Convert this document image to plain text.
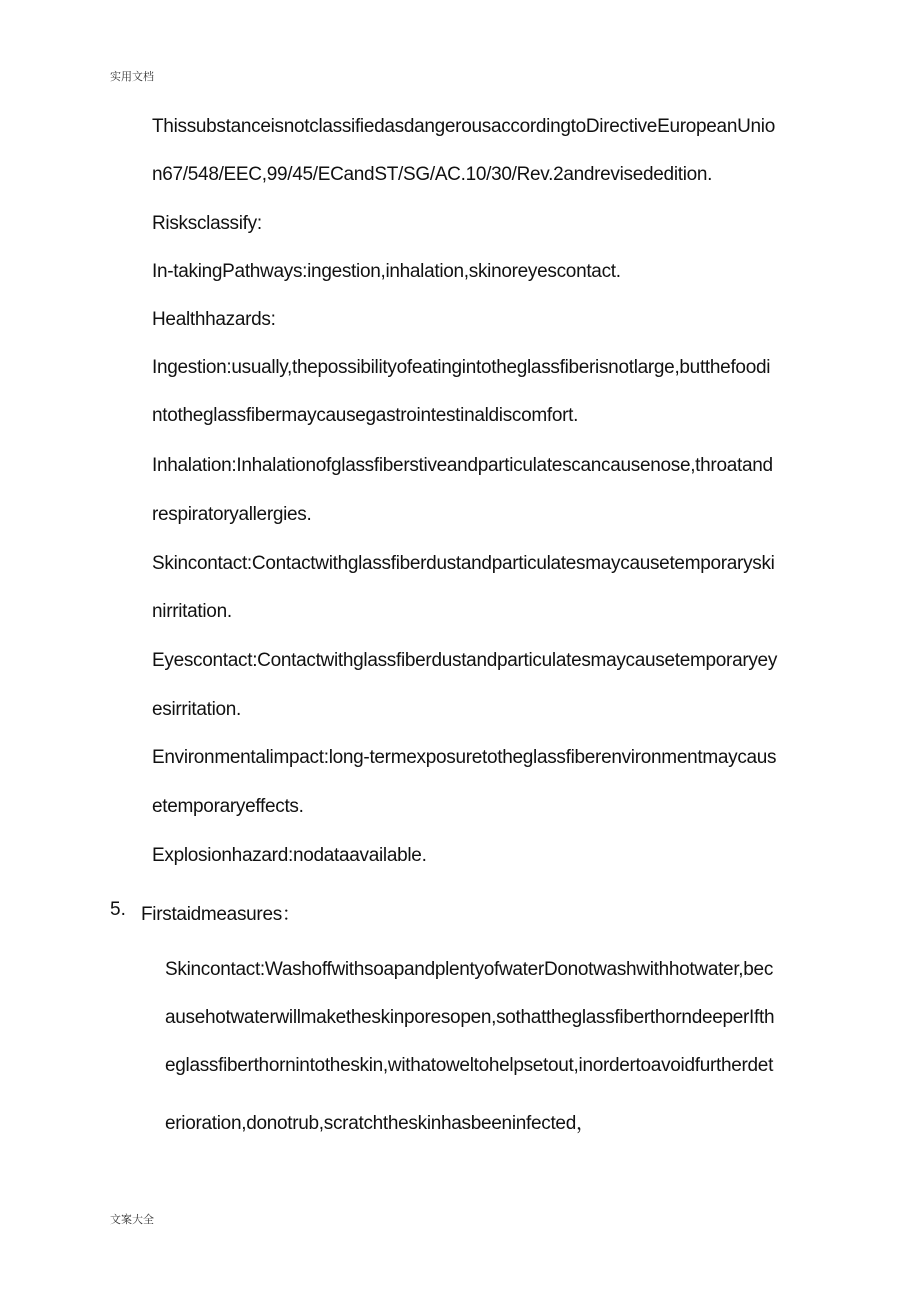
实用文档
ThissubstanceisnotclassifiedasdangerousaccordingtoDirectiveEuropeanUnio
n67/548/EEC,99/45/ECandST/SG/AC.10/30/Rev.2andrevisededition.
Risksclassify:
In-takingPathways:ingestion,inhalation,skinoreyescontact.
Healthhazards:
Ingestion:usually,thepossibilityofeatingintotheglassfiberisnotlarge,butthefoodi
ntotheglassfibermaycausegastrointestinaldiscomfort.
Inhalation:Inhalationofglassfiberstiveandparticulatescancausenose,throatand
respiratoryallergies.
Skincontact:Contactwithglassfiberdustandparticulatesmaycausetemporaryski
nirritation.
Eyescontact:Contactwithglassfiberdustandparticulatesmaycausetemporaryey
esirritation.
Environmentalimpact:long-termexposuretotheglassfiberenvironmentmaycaus
etemporaryeffects.
Explosionhazard:nodataavailable.
5. Firstaidmeasures：
Skincontact:WashoffwithsoapandplentyofwaterDonotwashwithhotwater,bec
ausehotwaterwillmaketheskinporesopen,sothattheglassfiberthorndeeperIfth
eglassfiberthornintotheskin,withatoweltohelpsetout,inordertoavoidfurtherdet
erioration,donotrub,scratchtheskinhasbeeninfected，
文案大全
